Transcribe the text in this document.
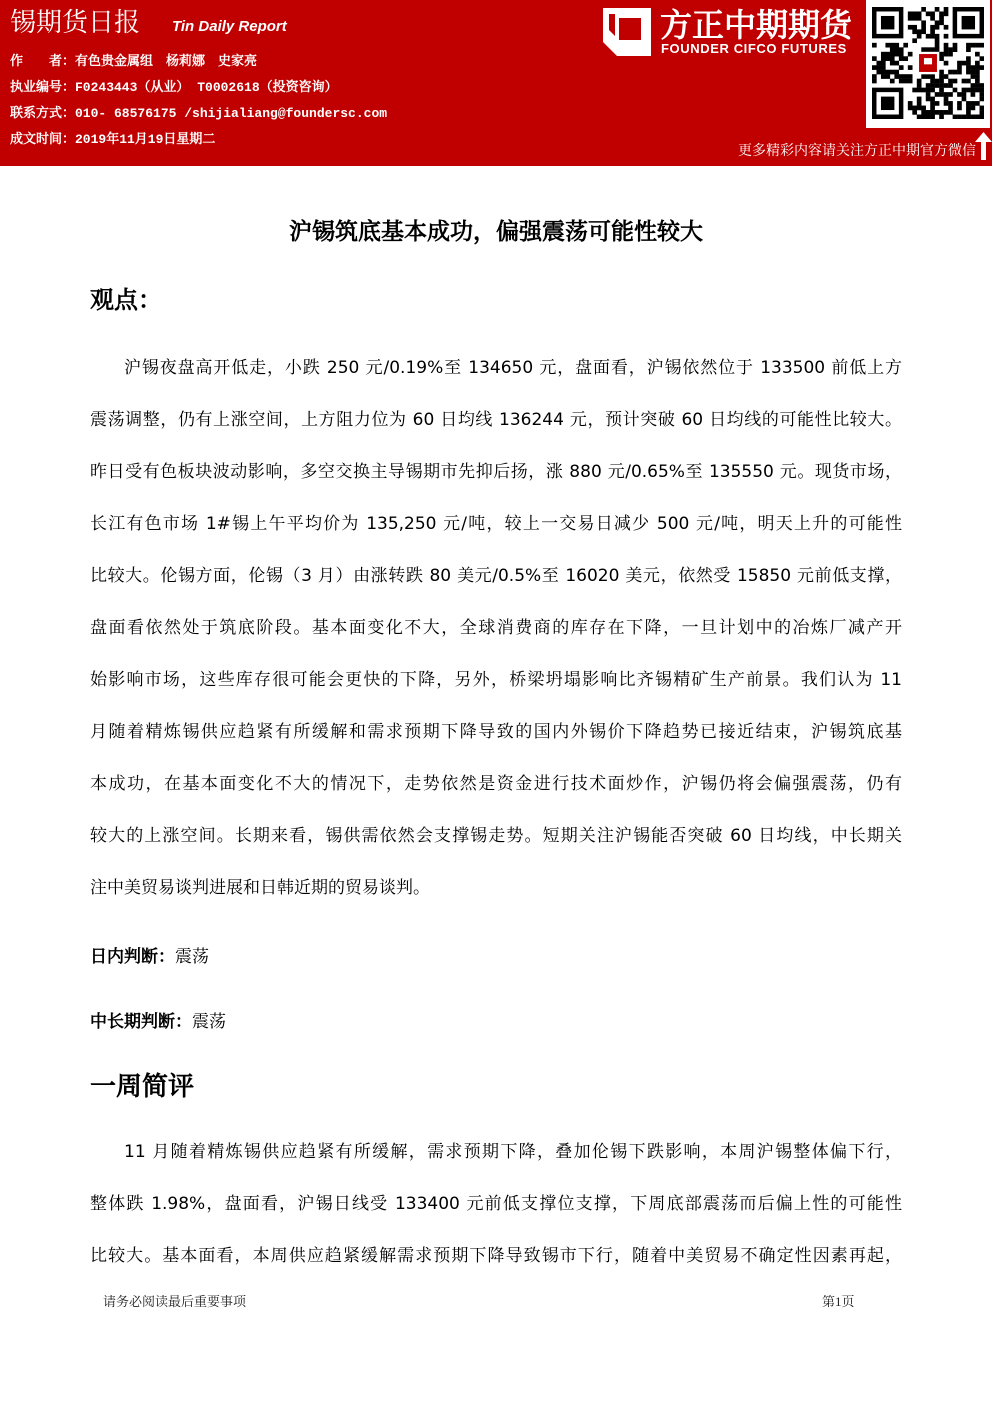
锡期货日报 Tin Daily Report
作　　者：有色贵金属组　杨莉娜　史家亮
执业编号：F0243443（从业） T0002618（投资咨询）
联系方式：010- 68576175 /shijialiang@foundersc.com
成文时间：2019年11月19日星期二
方正中期期货
FOUNDER CIFCO FUTURES
更多精彩内容请关注方正中期官方微信
沪锡筑底基本成功，偏强震荡可能性较大
观点：
沪锡夜盘高开低走，小跌 250 元/0.19%至 134650 元，盘面看，沪锡依然位于 133500 前低上方
震荡调整，仍有上涨空间，上方阻力位为 60 日均线 136244 元，预计突破 60 日均线的可能性比较大。
昨日受有色板块波动影响，多空交换主导锡期市先抑后扬，涨 880 元/0.65%至 135550 元。现货市场，
长江有色市场 1#锡上午平均价为 135,250 元/吨，较上一交易日减少 500 元/吨，明天上升的可能性
比较大。伦锡方面，伦锡（3 月）由涨转跌 80 美元/0.5%至 16020 美元，依然受 15850 元前低支撑，
盘面看依然处于筑底阶段。基本面变化不大，全球消费商的库存在下降，一旦计划中的冶炼厂减产开
始影响市场，这些库存很可能会更快的下降，另外，桥梁坍塌影响比齐锡精矿生产前景。我们认为 11
月随着精炼锡供应趋紧有所缓解和需求预期下降导致的国内外锡价下降趋势已接近结束，沪锡筑底基
本成功，在基本面变化不大的情况下，走势依然是资金进行技术面炒作，沪锡仍将会偏强震荡，仍有
较大的上涨空间。长期来看，锡供需依然会支撑锡走势。短期关注沪锡能否突破 60 日均线，中长期关
注中美贸易谈判进展和日韩近期的贸易谈判。
日内判断：震荡
中长期判断：震荡
一周简评
11 月随着精炼锡供应趋紧有所缓解，需求预期下降，叠加伦锡下跌影响，本周沪锡整体偏下行，
整体跌 1.98%，盘面看，沪锡日线受 133400 元前低支撑位支撑，下周底部震荡而后偏上性的可能性
比较大。基本面看，本周供应趋紧缓解需求预期下降导致锡市下行，随着中美贸易不确定性因素再起，
请务必阅读最后重要事项	第1页
